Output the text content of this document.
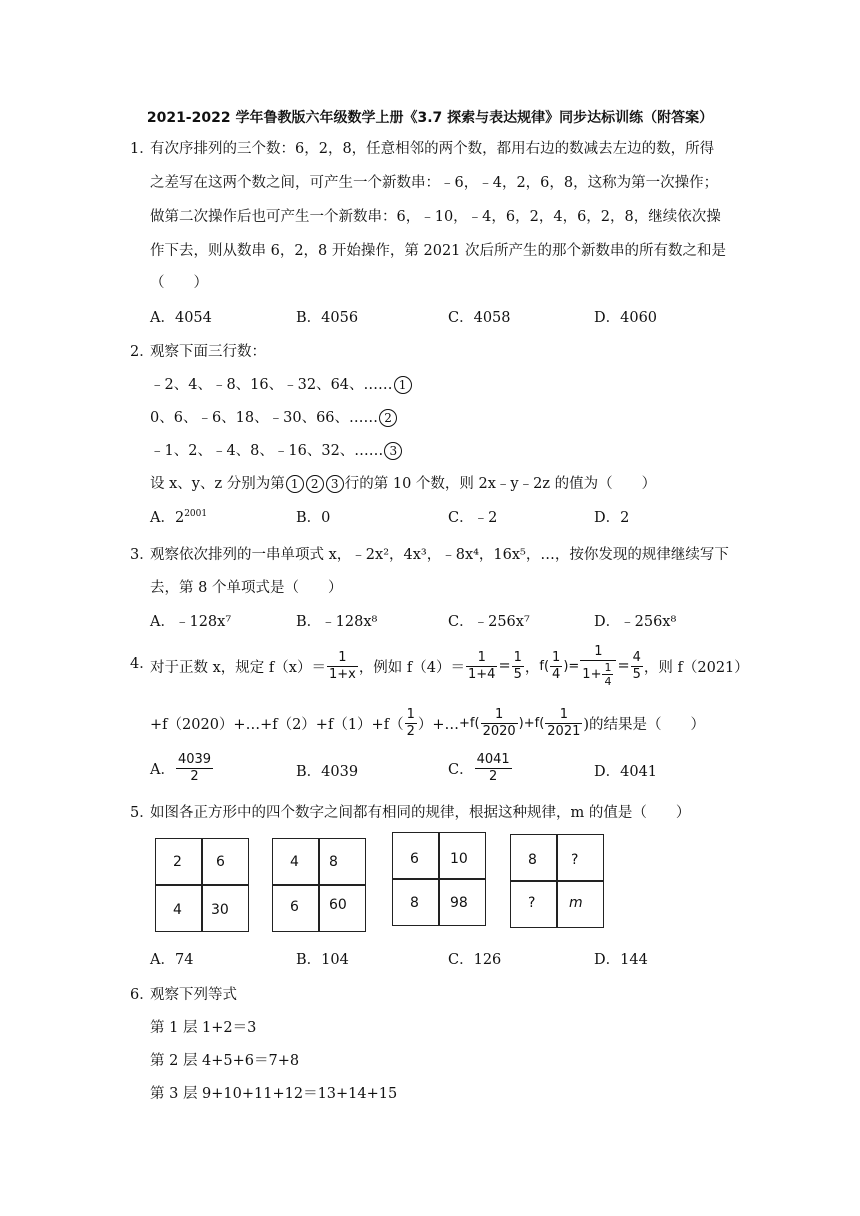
2021-2022 学年鲁教版六年级数学上册《3.7 探索与表达规律》同步达标训练（附答案）
1．
有次序排列的三个数：6，2，8，任意相邻的两个数，都用右边的数减去左边的数，所得
之差写在这两个数之间，可产生一个新数串：﹣6，﹣4，2，6，8，这称为第一次操作；
做第二次操作后也可产生一个新数串：6，﹣10，﹣4，6，2，4，6，2，8，继续依次操
作下去，则从数串 6，2，8 开始操作，第 2021 次后所产生的那个新数串的所有数之和是
（　　）
A．4054	B．4056	C．4058	D．4060
2．
观察下面三行数：
﹣2、4、﹣8、16、﹣32、64、…… 1
0、6、﹣6、18、﹣30、66、…… 2
﹣1、2、﹣4、8、﹣16、32、…… 3
设 x、y、z 分别为第 1 2 3 行的第 10 个数，则 2x﹣y﹣2z 的值为（　　）
A．$2^{2001}$	B．0	C．﹣2	D．2
3．
观察依次排列的一串单项式 x，﹣2x²，4x³，﹣8x⁴，16x⁵，…，按你发现的规律继续写下
去，第 8 个单项式是（　　）
A．﹣128x⁷	B．﹣128x⁸	C．﹣256x⁷	D．﹣256x⁸
4．
对于正数 x，规定 $f(x)= \frac{1}{1+x}$ ，例如 $f(4)= \frac{1}{1+4} = \frac{1}{5}$ ， $f( \frac{1}{4}$ )= $\frac{1}{1+ \frac{1}{4}} = \frac{4}{5}$ ，则 f（2021）
+f（2020）+…+f（2）+f（1）+f（ $\frac{1}{2}$ ）+… $+f( \frac{1}{2020} )+f( \frac{1}{2021}$ )的结果是（　　）
A． $\frac{4039}{2}$	B．4039	C． $\frac{4041}{2}$	D．4041
5．
如图各正方形中的四个数字之间都有相同的规律，根据这种规律，m 的值是（　　）
2 6
4 30
4 8
6 60
6 10
8 98
8 ?
? m
A．74	B．104	C．126	D．144
6．
观察下列等式
第 1 层 1+2＝3
第 2 层 4+5+6＝7+8
第 3 层 9+10+11+12＝13+14+15
